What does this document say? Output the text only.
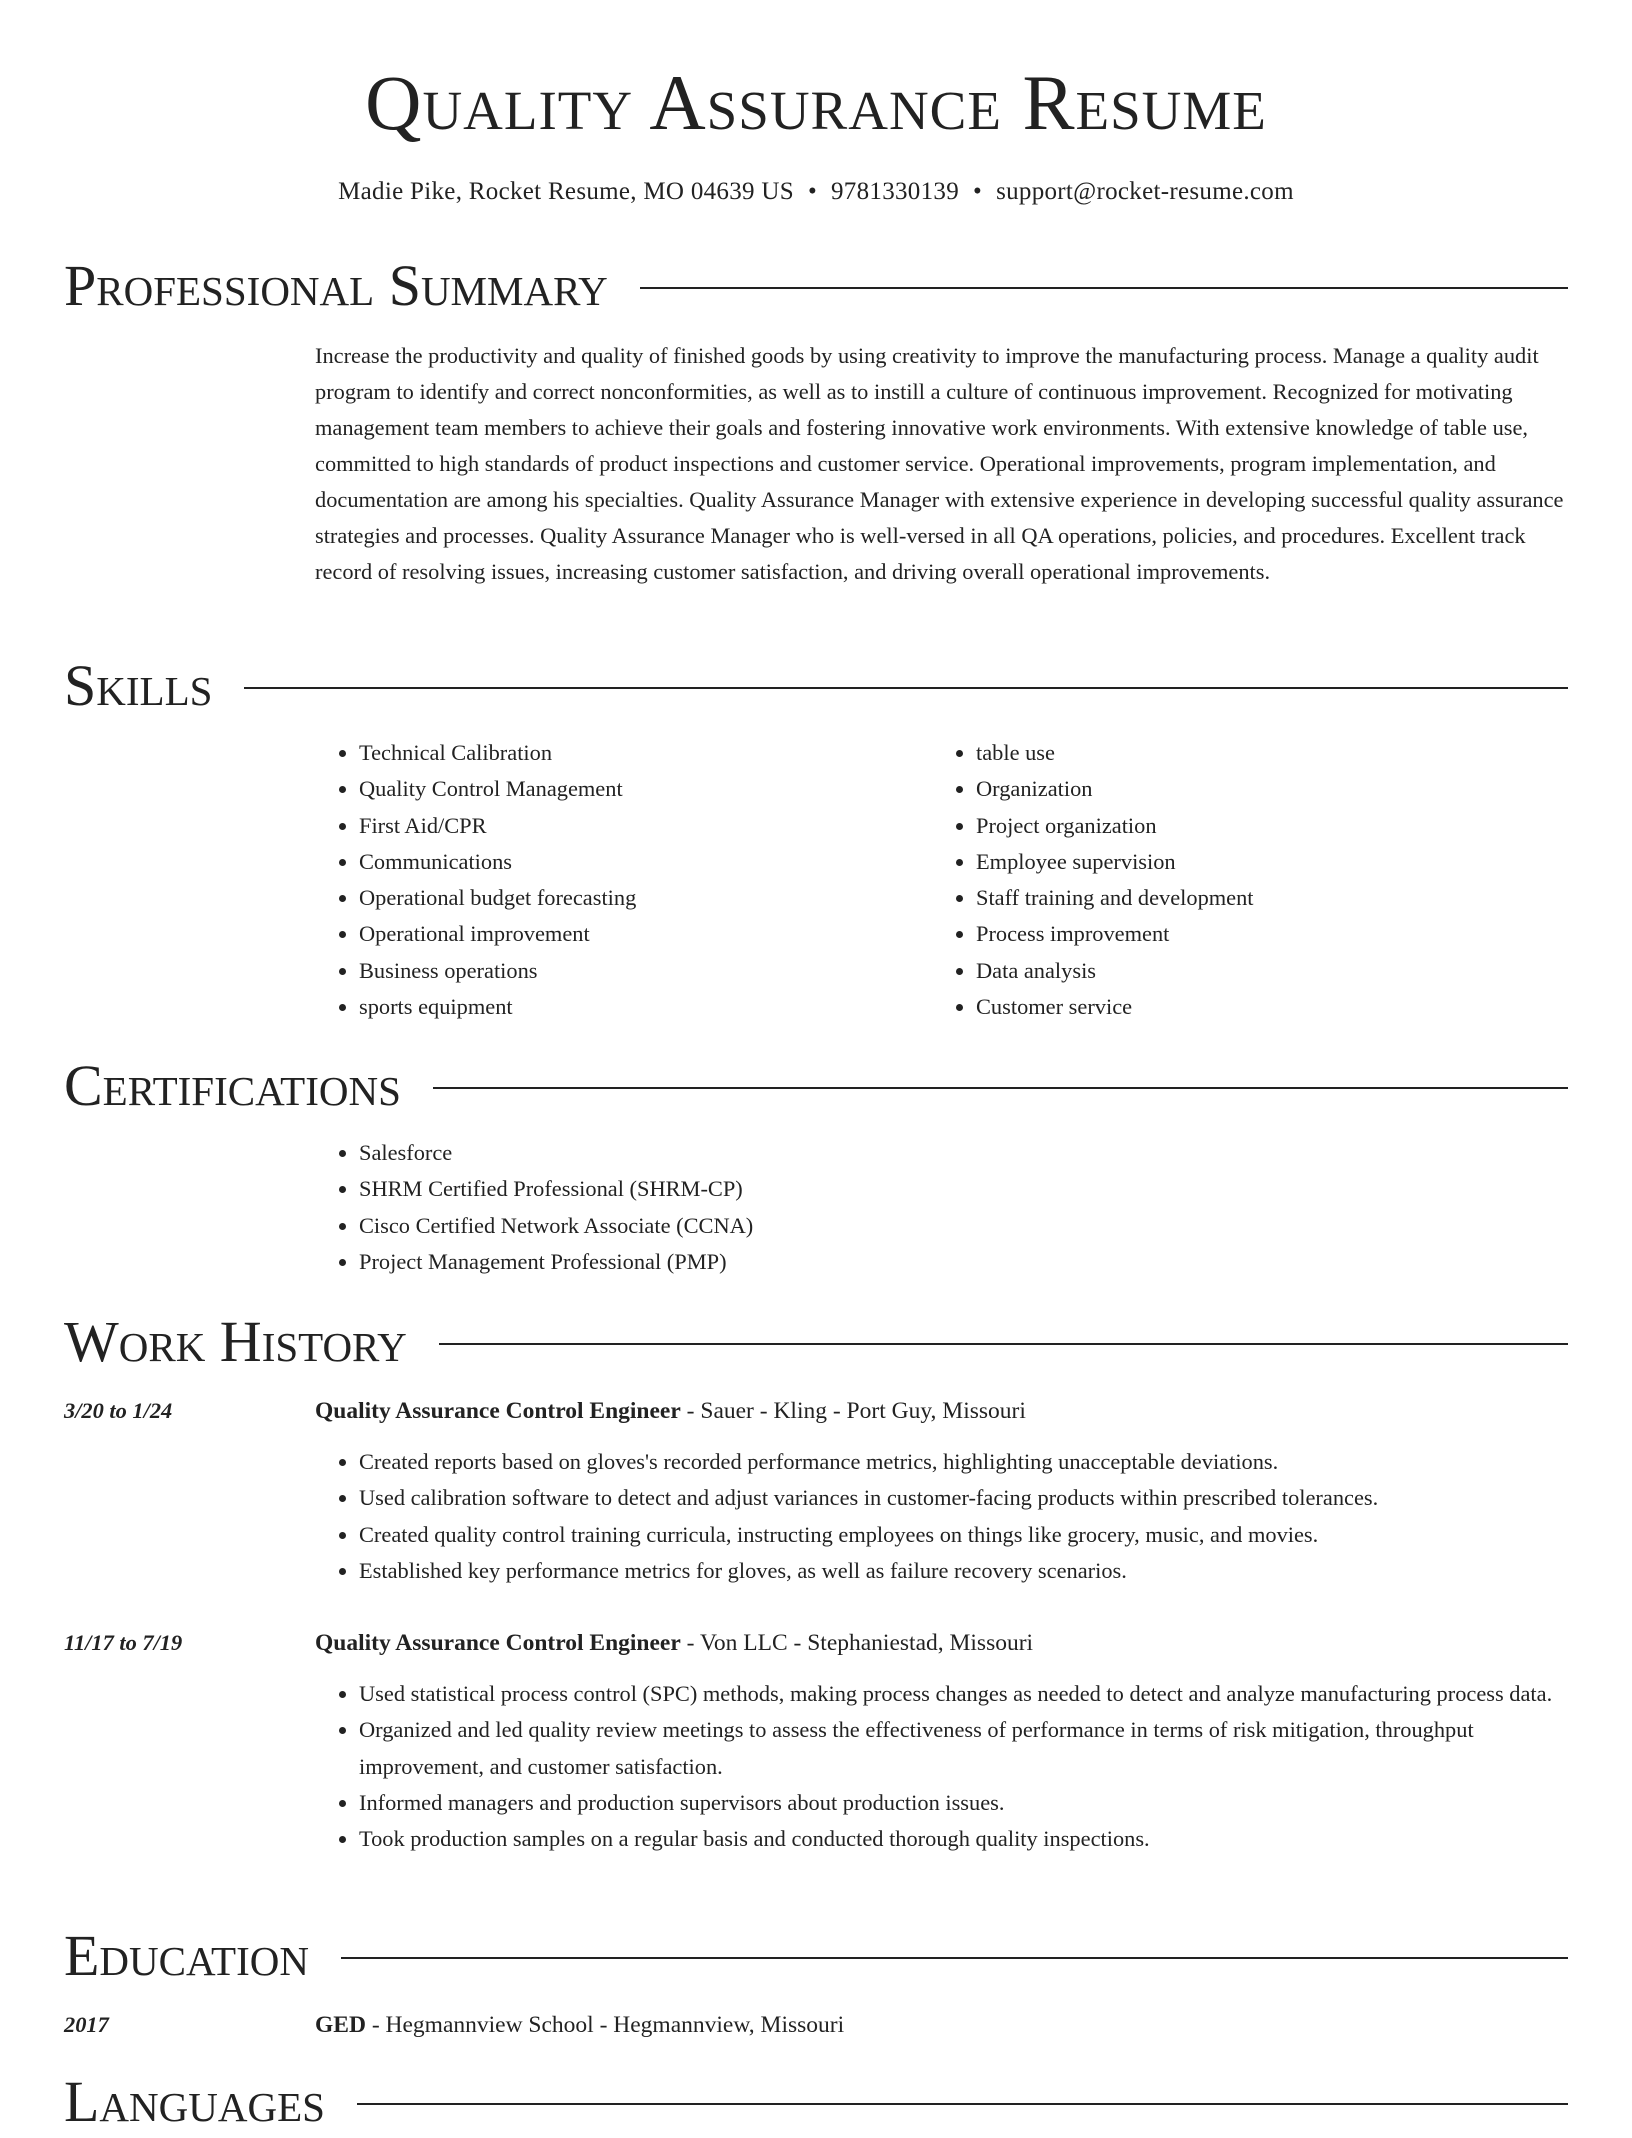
Quality Assurance Resume
Madie Pike, Rocket Resume, MO 04639 US • 9781330139 • support@rocket-resume.com
Professional Summary

Increase the productivity and quality of finished goods by using creativity to improve the manufacturing process. Manage a quality audit program to identify and correct nonconformities, as well as to instill a culture of continuous improvement. Recognized for motivating management team members to achieve their goals and fostering innovative work environments. With extensive knowledge of table use, committed to high standards of product inspections and customer service. Operational improvements, program implementation, and documentation are among his specialties. Quality Assurance Manager with extensive experience in developing successful quality assurance strategies and processes. Quality Assurance Manager who is well-versed in all QA operations, policies, and procedures. Excellent track record of resolving issues, increasing customer satisfaction, and driving overall operational improvements.

Skills
• Technical Calibration
• Quality Control Management
• First Aid/CPR
• Communications
• Operational budget forecasting
• Operational improvement
• Business operations
• sports equipment
• table use
• Organization
• Project organization
• Employee supervision
• Staff training and development
• Process improvement
• Data analysis
• Customer service
Certifications
• Salesforce
• SHRM Certified Professional (SHRM-CP)
• Cisco Certified Network Associate (CCNA)
• Project Management Professional (PMP)
Work History
3/20 to 1/24	Quality Assurance Control Engineer - Sauer - Kling - Port Guy, Missouri
• Created reports based on gloves's recorded performance metrics, highlighting unacceptable deviations.
• Used calibration software to detect and adjust variances in customer-facing products within prescribed tolerances.
• Created quality control training curricula, instructing employees on things like grocery, music, and movies.
• Established key performance metrics for gloves, as well as failure recovery scenarios.
11/17 to 7/19	Quality Assurance Control Engineer - Von LLC - Stephaniestad, Missouri
• Used statistical process control (SPC) methods, making process changes as needed to detect and analyze manufacturing process data.
• Organized and led quality review meetings to assess the effectiveness of performance in terms of risk mitigation, throughput improvement, and customer satisfaction.
• Informed managers and production supervisors about production issues.
• Took production samples on a regular basis and conducted thorough quality inspections.
Education
2017	GED - Hegmannview School - Hegmannview, Missouri
Languages
